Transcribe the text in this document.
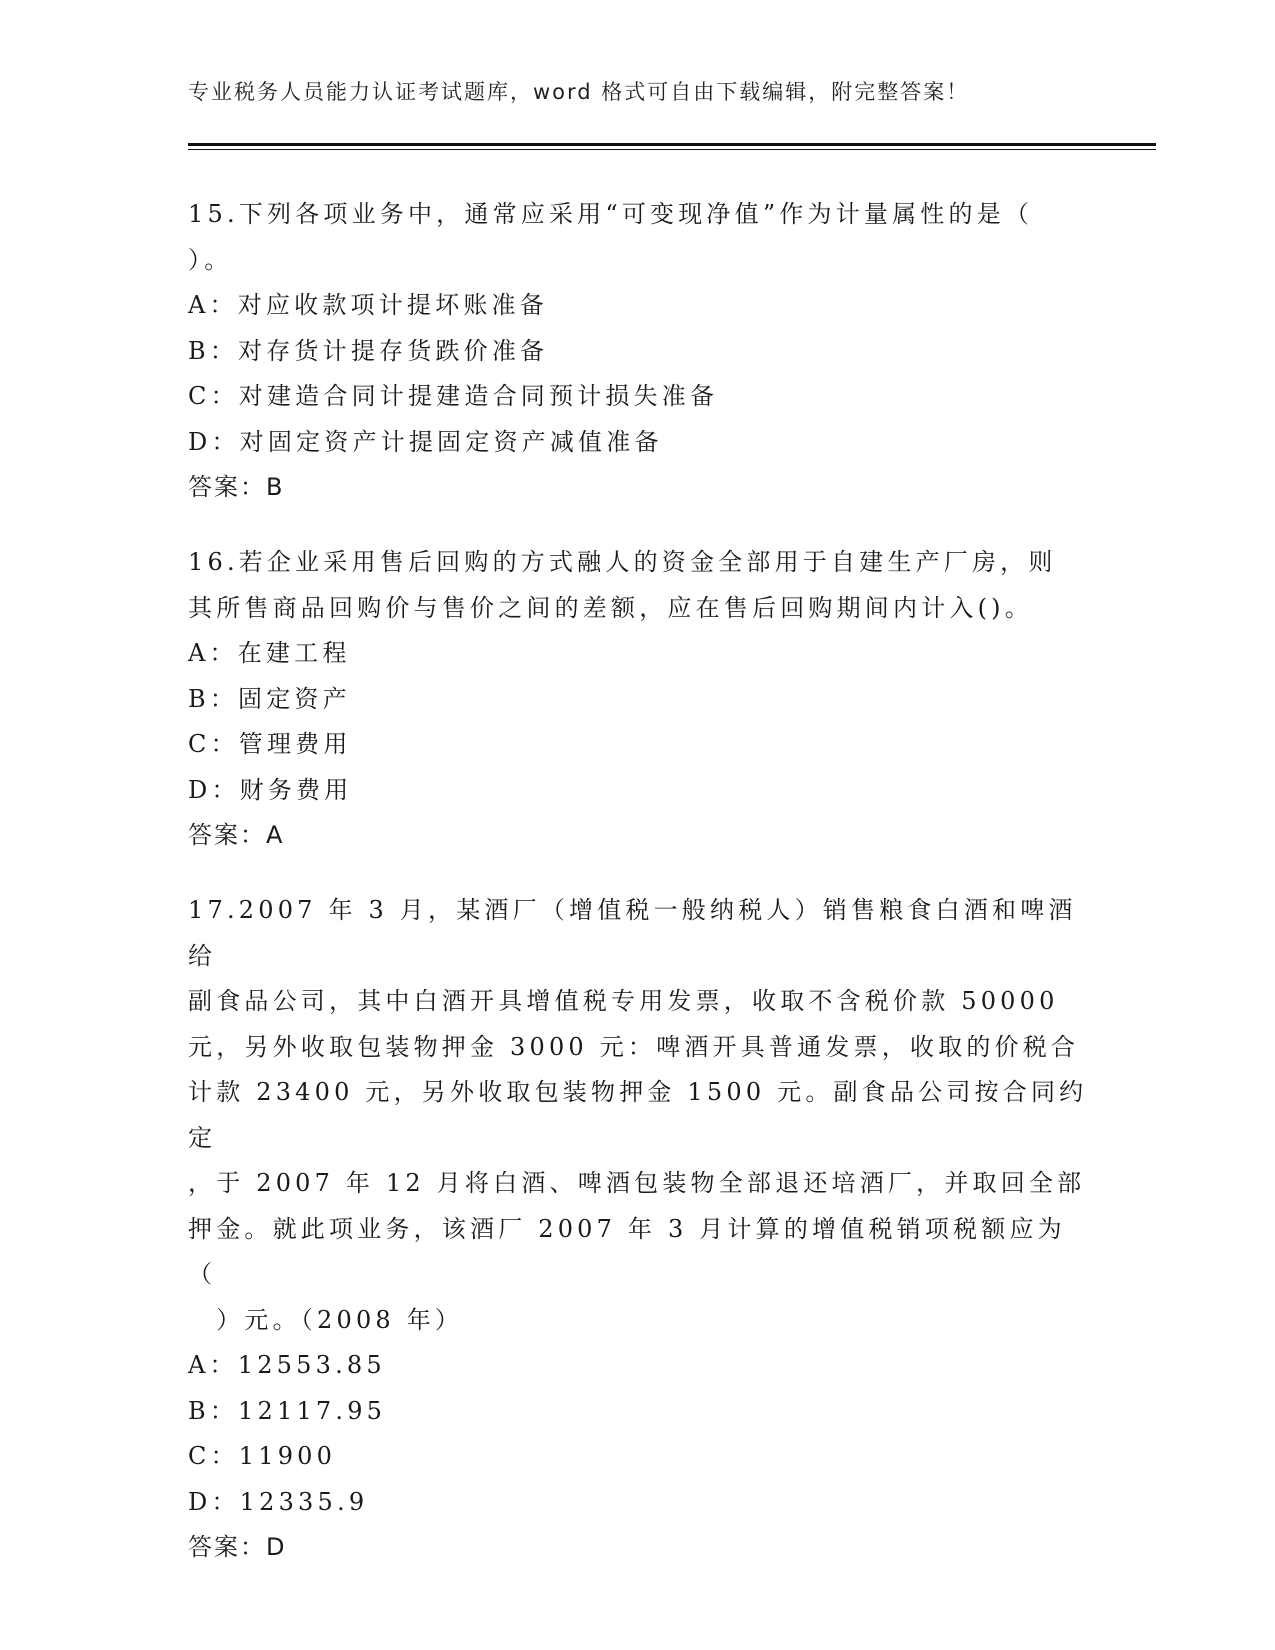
专业税务人员能力认证考试题库，word 格式可自由下载编辑，附完整答案！

15.下列各项业务中，通常应采用“可变现净值”作为计量属性的是（

）。

A：对应收款项计提坏账准备

B：对存货计提存货跌价准备

C：对建造合同计提建造合同预计损失准备

D：对固定资产计提固定资产减值准备

答案：B

16.若企业采用售后回购的方式融人的资金全部用于自建生产厂房，则

其所售商品回购价与售价之间的差额，应在售后回购期间内计入()。

A：在建工程

B：固定资产

C：管理费用

D：财务费用

答案：A

17.2007 年 3 月，某酒厂（增值税一般纳税人）销售粮食白酒和啤酒给

副食品公司，其中白酒开具增值税专用发票，收取不含税价款 50000

元，另外收取包装物押金 3000 元：啤酒开具普通发票，收取的价税合

计款 23400 元，另外收取包装物押金 1500 元。副食品公司按合同约定

，于 2007 年 12 月将白酒、啤酒包装物全部退还培酒厂，并取回全部

押金。就此项业务，该酒厂 2007 年 3 月计算的增值税销项税额应为（

　）元。（2008 年）

A：12553.85

B：12117.95

C：11900

D：12335.9

答案：D
